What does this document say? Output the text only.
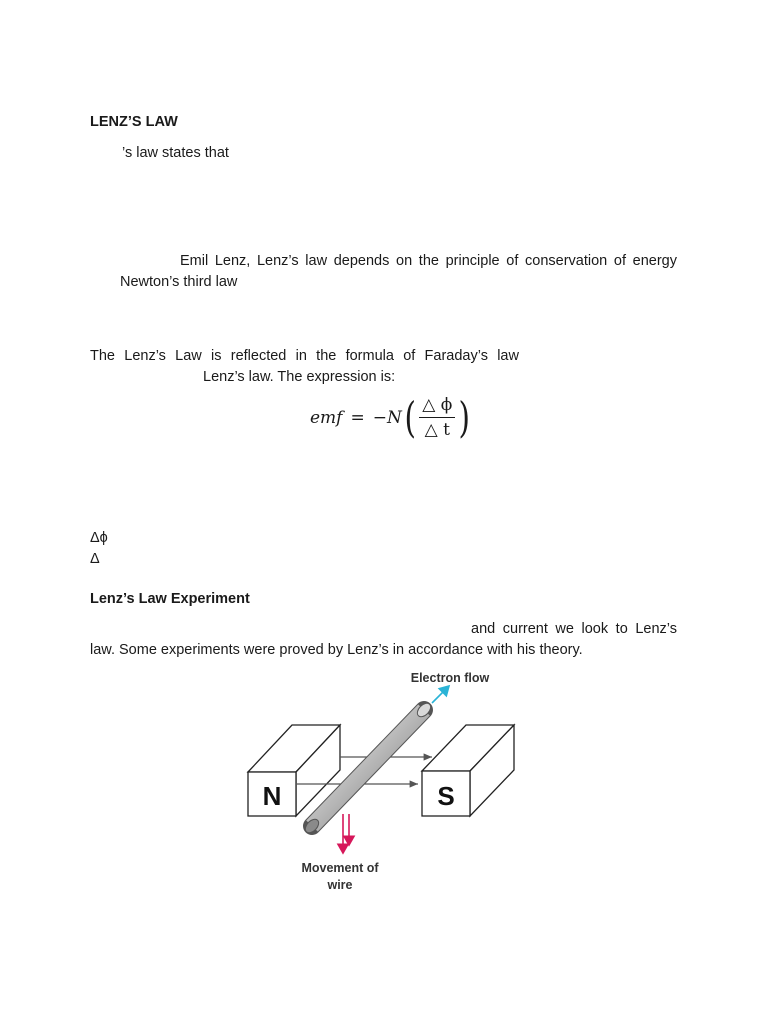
LENZ’S LAW
’s law states that
Emil Lenz, Lenz’s law depends on the principle of conservation of energy
Newton’s third law
The Lenz’s Law is reflected in the formula of Faraday’s law
Lenz’s law. The expression is:
emf = −N ( $\frac{\triangle \phi}{\triangle t}$ )
Δϕ
Δ
Lenz’s Law Experiment
and current we look to Lenz’s
law. Some experiments were proved by Lenz’s in accordance with his theory.
N	S
Electron flow
Movement of
wire
